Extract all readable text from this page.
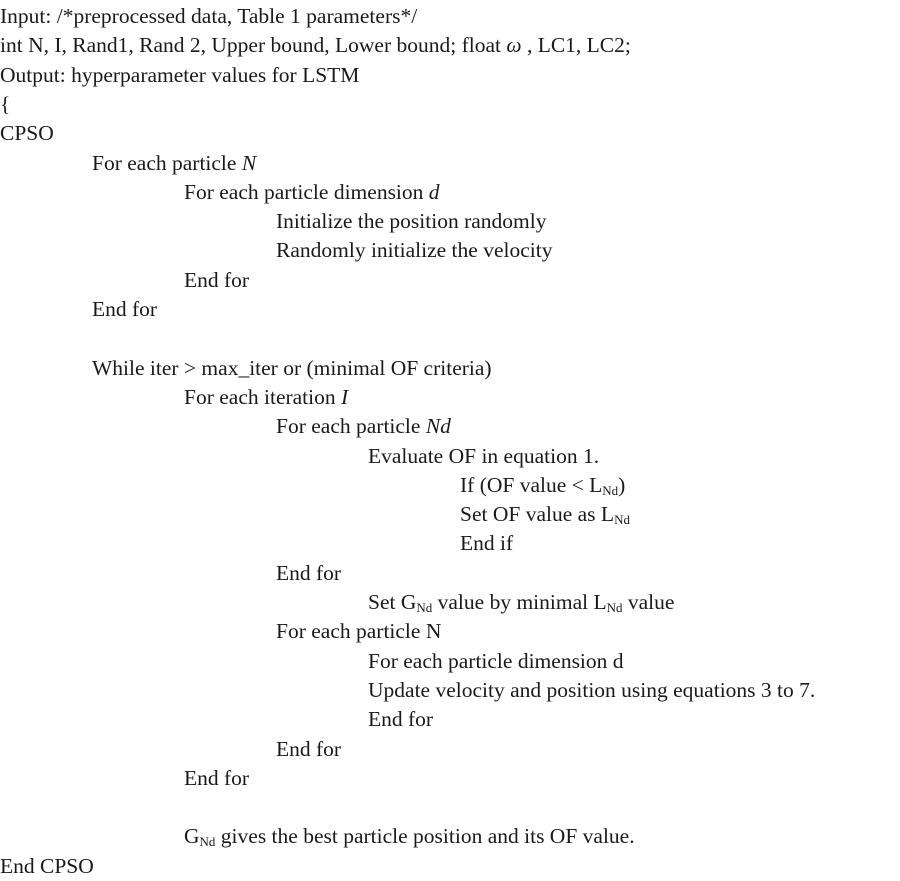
Input: /*preprocessed data, Table 1 parameters*/
int N, I, Rand1, Rand 2, Upper bound, Lower bound; float ω , LC1, LC2;
Output: hyperparameter values for LSTM
{
CPSO
For each particle N
For each particle dimension d
Initialize the position randomly
Randomly initialize the velocity
End for
End for
While iter > max_iter or (minimal OF criteria)
For each iteration I
For each particle Nd
Evaluate OF in equation 1.
If (OF value < $L_{Nd}$)
Set OF value as $L_{Nd}$
End if
End for
Set $G_{Nd}$ value by minimal $L_{Nd}$ value
For each particle N
For each particle dimension d
Update velocity and position using equations 3 to 7.
End for
End for
End for
$G_{Nd}$ gives the best particle position and its OF value.
End CPSO
